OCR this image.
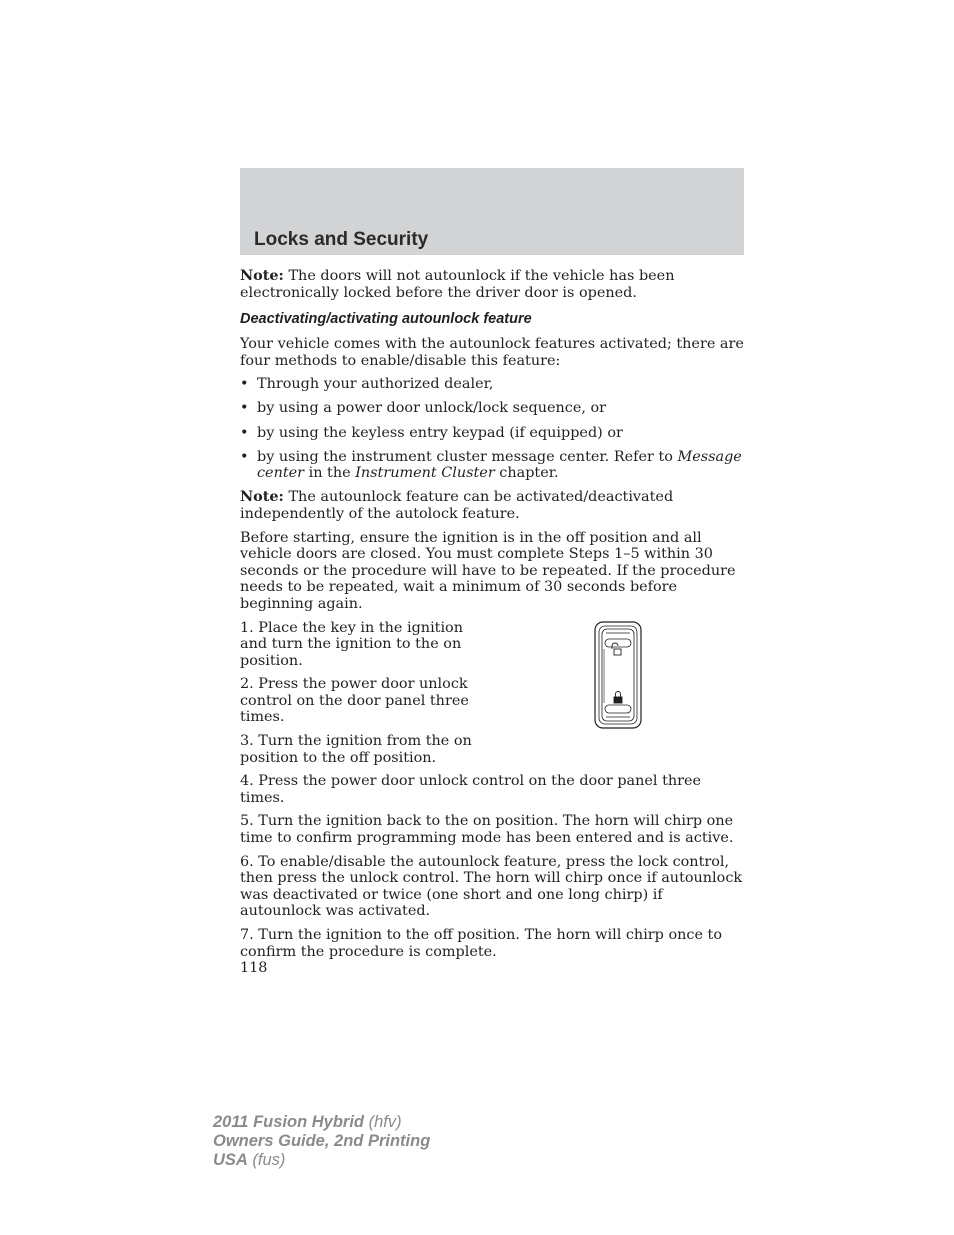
Locks and Security

Note: The doors will not autounlock if the vehicle has been electronically locked before the driver door is opened.

Deactivating/activating autounlock feature

Your vehicle comes with the autounlock features activated; there are four methods to enable/disable this feature:

• Through your authorized dealer,
• by using a power door unlock/lock sequence, or
• by using the keyless entry keypad (if equipped) or
• by using the instrument cluster message center. Refer to Message center in the Instrument Cluster chapter.

Note: The autounlock feature can be activated/deactivated independently of the autolock feature.

Before starting, ensure the ignition is in the off position and all vehicle doors are closed. You must complete Steps 1–5 within 30 seconds or the procedure will have to be repeated. If the procedure needs to be repeated, wait a minimum of 30 seconds before beginning again.

1. Place the key in the ignition and turn the ignition to the on position.

2. Press the power door unlock control on the door panel three times.

3. Turn the ignition from the on position to the off position.

4. Press the power door unlock control on the door panel three times.

5. Turn the ignition back to the on position. The horn will chirp one time to confirm programming mode has been entered and is active.

6. To enable/disable the autounlock feature, press the lock control, then press the unlock control. The horn will chirp once if autounlock was deactivated or twice (one short and one long chirp) if autounlock was activated.

7. Turn the ignition to the off position. The horn will chirp once to confirm the procedure is complete.

118
2011 Fusion Hybrid (hfv)
Owners Guide, 2nd Printing
USA (fus)
